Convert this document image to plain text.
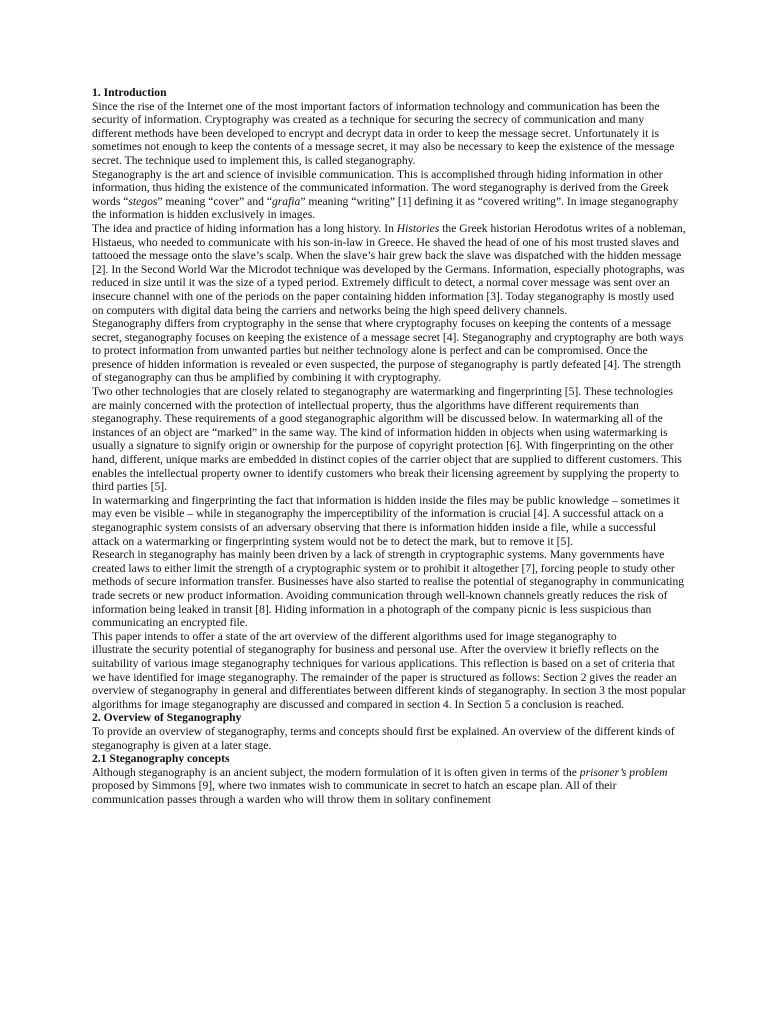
1. Introduction

Since the rise of the Internet one of the most important factors of information technology and communication has been the security of information. Cryptography was created as a technique for securing the secrecy of communication and many different methods have been developed to encrypt and decrypt data in order to keep the message secret. Unfortunately it is sometimes not enough to keep the contents of a message secret, it may also be necessary to keep the existence of the message secret. The technique used to implement this, is called steganography.

Steganography is the art and science of invisible communication. This is accomplished through hiding information in other information, thus hiding the existence of the communicated information. The word steganography is derived from the Greek words “stegos” meaning “cover” and “grafia” meaning “writing” [1] defining it as “covered writing”. In image steganography the information is hidden exclusively in images.

The idea and practice of hiding information has a long history. In Histories the Greek historian Herodotus writes of a nobleman, Histaeus, who needed to communicate with his son-in-law in Greece. He shaved the head of one of his most trusted slaves and tattooed the message onto the slave’s scalp. When the slave’s hair grew back the slave was dispatched with the hidden message [2]. In the Second World War the Microdot technique was developed by the Germans. Information, especially photographs, was reduced in size until it was the size of a typed period. Extremely difficult to detect, a normal cover message was sent over an insecure channel with one of the periods on the paper containing hidden information [3]. Today steganography is mostly used on computers with digital data being the carriers and networks being the high speed delivery channels.

Steganography differs from cryptography in the sense that where cryptography focuses on keeping the contents of a message secret, steganography focuses on keeping the existence of a message secret [4]. Steganography and cryptography are both ways to protect information from unwanted parties but neither technology alone is perfect and can be compromised. Once the presence of hidden information is revealed or even suspected, the purpose of steganography is partly defeated [4]. The strength of steganography can thus be amplified by combining it with cryptography.

Two other technologies that are closely related to steganography are watermarking and fingerprinting [5]. These technologies are mainly concerned with the protection of intellectual property, thus the algorithms have different requirements than steganography. These requirements of a good steganographic algorithm will be discussed below. In watermarking all of the instances of an object are “marked” in the same way. The kind of information hidden in objects when using watermarking is usually a signature to signify origin or ownership for the purpose of copyright protection [6]. With fingerprinting on the other hand, different, unique marks are embedded in distinct copies of the carrier object that are supplied to different customers. This enables the intellectual property owner to identify customers who break their licensing agreement by supplying the property to third parties [5].

In watermarking and fingerprinting the fact that information is hidden inside the files may be public knowledge – sometimes it may even be visible – while in steganography the imperceptibility of the information is crucial [4]. A successful attack on a steganographic system consists of an adversary observing that there is information hidden inside a file, while a successful attack on a watermarking or fingerprinting system would not be to detect the mark, but to remove it [5].

Research in steganography has mainly been driven by a lack of strength in cryptographic systems. Many governments have created laws to either limit the strength of a cryptographic system or to prohibit it altogether [7], forcing people to study other methods of secure information transfer. Businesses have also started to realise the potential of steganography in communicating trade secrets or new product information. Avoiding communication through well-known channels greatly reduces the risk of information being leaked in transit [8]. Hiding information in a photograph of the company picnic is less suspicious than communicating an encrypted file.

This paper intends to offer a state of the art overview of the different algorithms used for image steganography to

illustrate the security potential of steganography for business and personal use. After the overview it briefly reflects on the suitability of various image steganography techniques for various applications. This reflection is based on a set of criteria that we have identified for image steganography. The remainder of the paper is structured as follows: Section 2 gives the reader an overview of steganography in general and differentiates between different kinds of steganography. In section 3 the most popular algorithms for image steganography are discussed and compared in section 4. In Section 5 a conclusion is reached.

2. Overview of Steganography

To provide an overview of steganography, terms and concepts should first be explained. An overview of the different kinds of steganography is given at a later stage.

2.1 Steganography concepts

Although steganography is an ancient subject, the modern formulation of it is often given in terms of the prisoner’s problem proposed by Simmons [9], where two inmates wish to communicate in secret to hatch an escape plan. All of their communication passes through a warden who will throw them in solitary confinement
